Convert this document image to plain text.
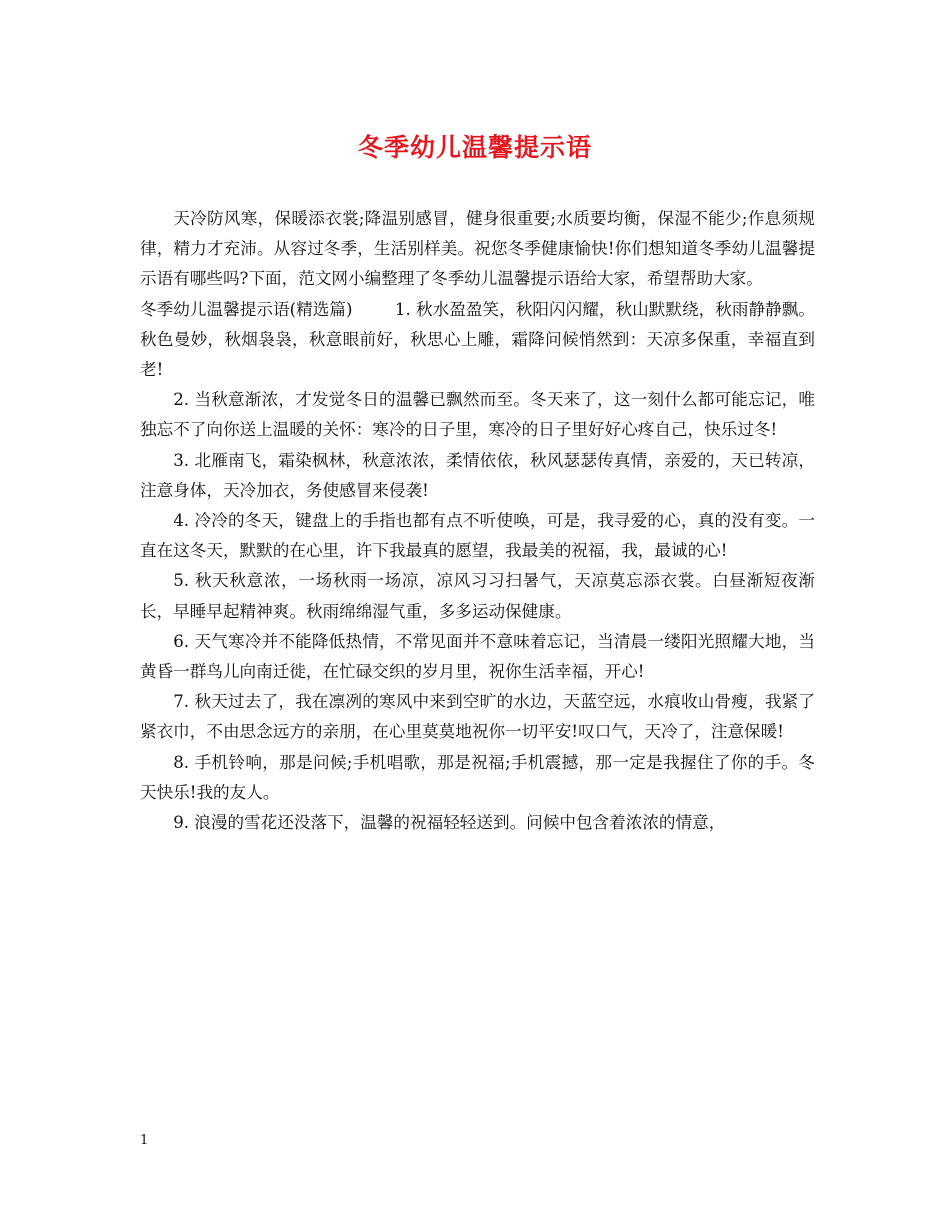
冬季幼儿温馨提示语

天冷防风寒，保暖添衣裳;降温别感冒，健身很重要;水质要均衡，保湿不能少;作息须规律，精力才充沛。从容过冬季，生活别样美。祝您冬季健康愉快!你们想知道冬季幼儿温馨提示语有哪些吗?下面，范文网小编整理了冬季幼儿温馨提示语给大家，希望帮助大家。

冬季幼儿温馨提示语(精选篇)        1. 秋水盈盈笑，秋阳闪闪耀，秋山默默绕，秋雨静静飘。秋色曼妙，秋烟袅袅，秋意眼前好，秋思心上雕，霜降问候悄然到：天凉多保重，幸福直到老!

2. 当秋意渐浓，才发觉冬日的温馨已飘然而至。冬天来了，这一刻什么都可能忘记，唯独忘不了向你送上温暖的关怀：寒冷的日子里，寒冷的日子里好好心疼自己，快乐过冬!

3. 北雁南飞，霜染枫林，秋意浓浓，柔情依依，秋风瑟瑟传真情，亲爱的，天已转凉，注意身体，天冷加衣，务使感冒来侵袭!

4. 冷冷的冬天，键盘上的手指也都有点不听使唤，可是，我寻爱的心，真的没有变。一直在这冬天，默默的在心里，许下我最真的愿望，我最美的祝福，我，最诚的心!

5. 秋天秋意浓，一场秋雨一场凉，凉风习习扫暑气，天凉莫忘添衣裳。白昼渐短夜渐长，早睡早起精神爽。秋雨绵绵湿气重，多多运动保健康。

6. 天气寒冷并不能降低热情，不常见面并不意味着忘记，当清晨一缕阳光照耀大地，当黄昏一群鸟儿向南迁徙，在忙碌交织的岁月里，祝你生活幸福，开心!

7. 秋天过去了，我在凛冽的寒风中来到空旷的水边，天蓝空远，水痕收山骨瘦，我紧了紧衣巾，不由思念远方的亲朋，在心里莫莫地祝你一切平安!叹口气，天冷了，注意保暖!

8. 手机铃响，那是问候;手机唱歌，那是祝福;手机震撼，那一定是我握住了你的手。冬天快乐!我的友人。

9. 浪漫的雪花还没落下，温馨的祝福轻轻送到。问候中包含着浓浓的情意，

1
